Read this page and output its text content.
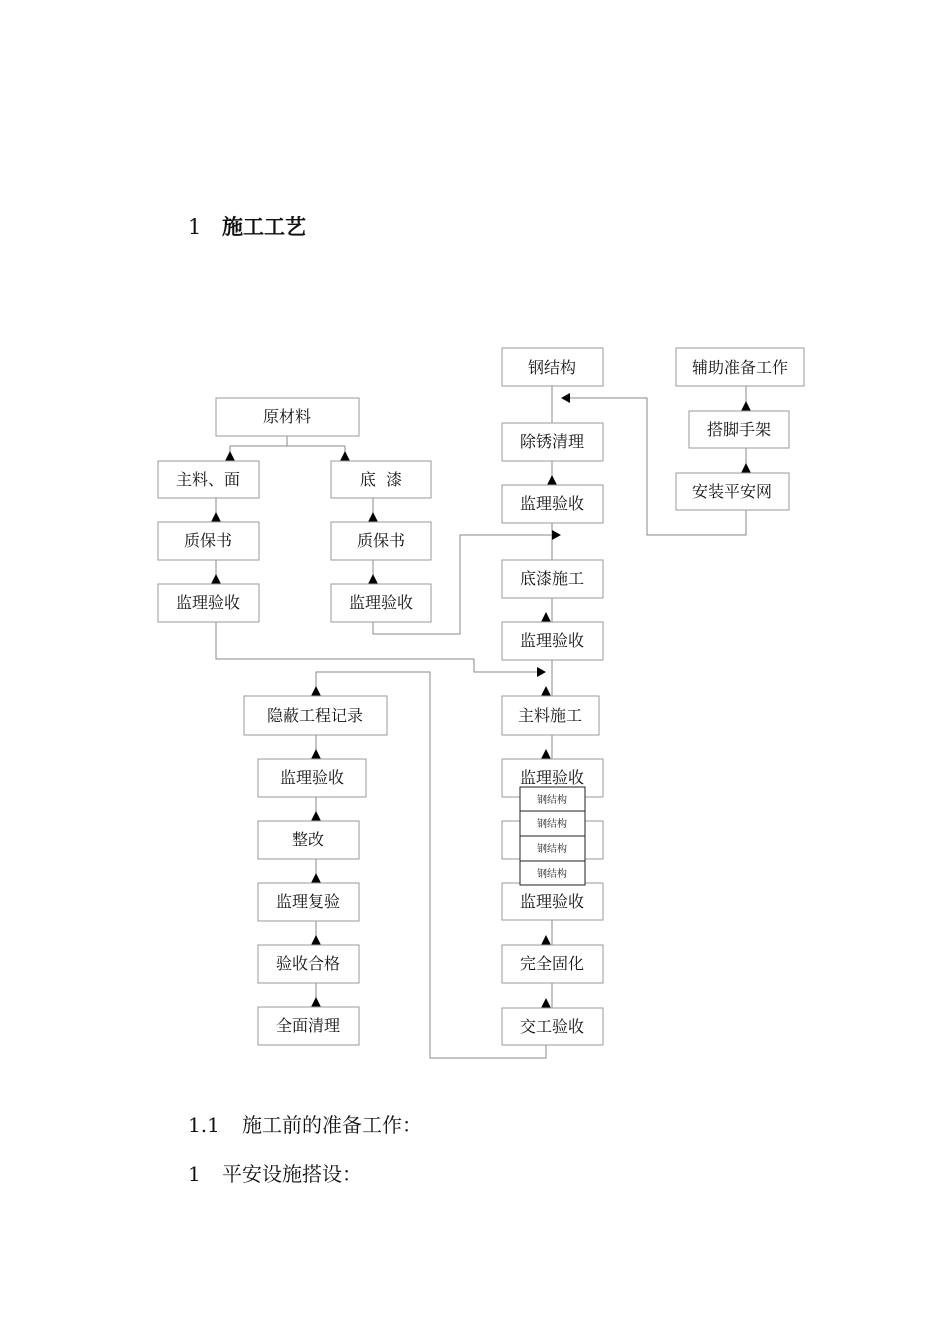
1 施工工艺
钢结构	辅助准备工作
原材料
除锈清理
搭脚手架
主料、面	底  漆
安装平安网
监理验收
质保书	质保书
底漆施工
监理验收	监理验收
监理验收
隐蔽工程记录	主料施工
监理验收	监理验收
整改
监理复验	监理验收
验收合格	完全固化
全面清理	交工验收
钢结构
钢结构
钢结构
钢结构
1.1 施工前的准备工作：
1 平安设施搭设：
